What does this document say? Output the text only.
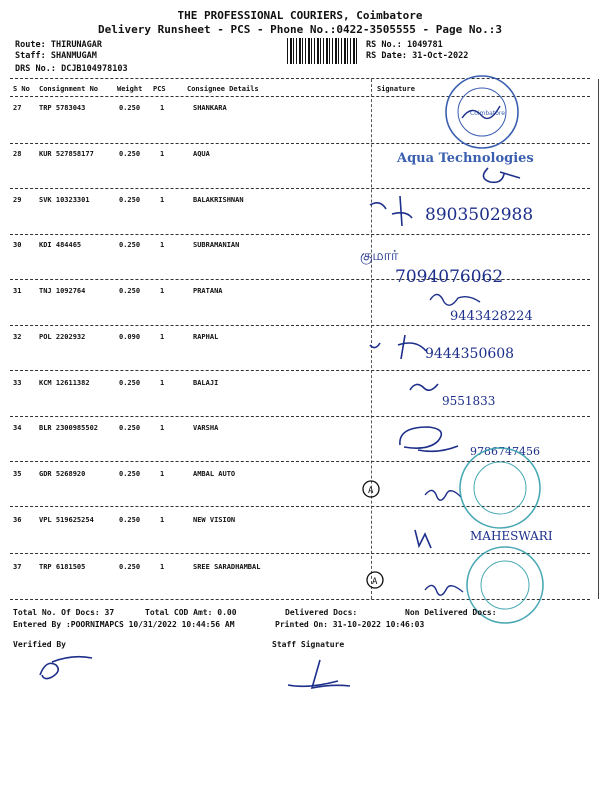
THE PROFESSIONAL COURIERS, Coimbatore
Delivery Runsheet - PCS - Phone No.:0422-3505555 - Page No.:3
Route: THIRUNAGAR
Staff: SHANMUGAM
DRS No.: DCJB104978103
RS No.: 1049781
RS Date: 31-Oct-2022
S No Consignment No	Weight PCS	Consignee Details	Signature
27	TRP 5783043	0.250	1	SHANKARA
28	KUR 527858177	0.250	1	AQUA
29	SVK 10323301	0.250	1	BALAKRISHNAN
30	KDI 484465	0.250	1	SUBRAMANIAN
31	TNJ 1092764	0.250	1	PRATANA
32	POL 2202932	0.090	1	RAPHAL
33	KCM 12611382	0.250	1	BALAJI
34	BLR 2300985502	0.250	1	VARSHA
35	GDR 5268920	0.250	1	AMBAL AUTO
36	VPL 519625254	0.250	1	NEW VISION
37	TRP 6181505	0.250	1	SREE SARADHAMBAL
Coimbatore
Aqua Technologies
8903502988
குமார்
7094076062
9443428224
9444350608
9551833
9786747456
A
MAHESWARI
A
Total No. Of Docs: 37	Total COD Amt: 0.00	Delivered Docs:	Non Delivered Docs:
Entered By :POORNIMAPCS 10/31/2022 10:44:56 AM	Printed On: 31-10-2022 10:46:03
Verified By	Staff Signature
